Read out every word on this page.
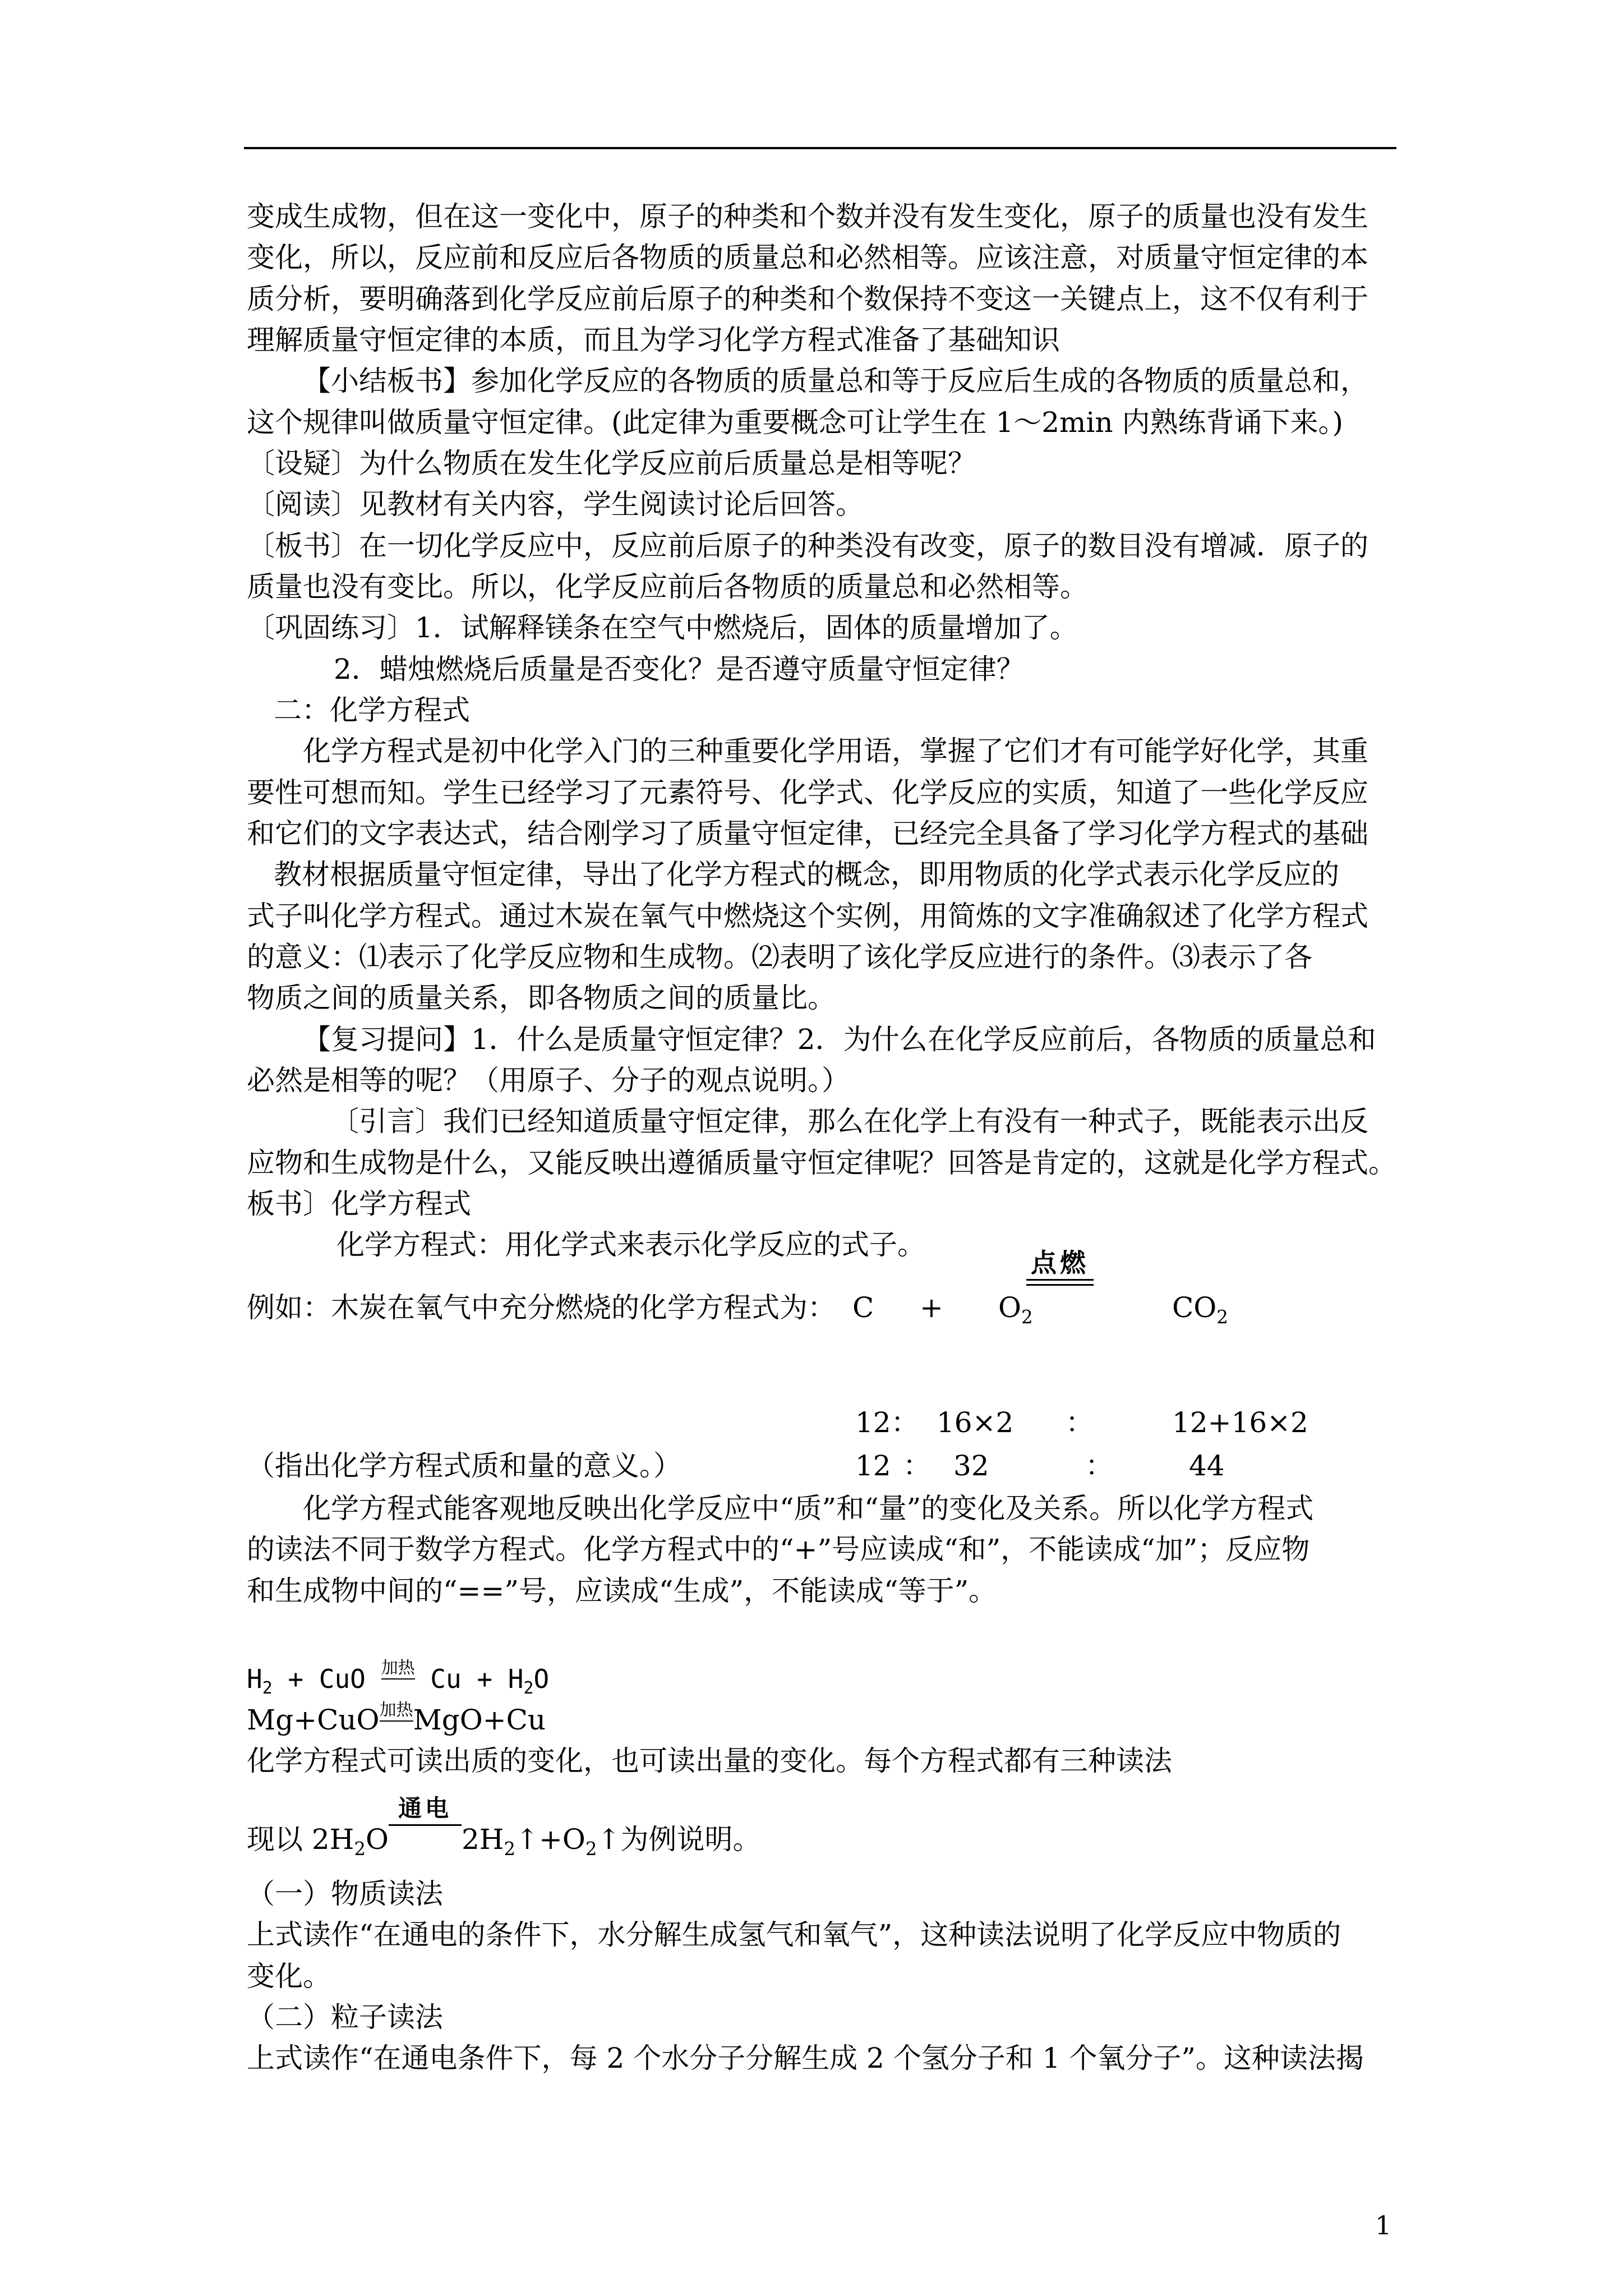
变成生成物，但在这一变化中，原子的种类和个数并没有发生变化，原子的质量也没有发生
变化，所以，反应前和反应后各物质的质量总和必然相等。应该注意，对质量守恒定律的本
质分析，要明确落到化学反应前后原子的种类和个数保持不变这一关键点上，这不仅有利于
理解质量守恒定律的本质，而且为学习化学方程式准备了基础知识
【小结板书】参加化学反应的各物质的质量总和等于反应后生成的各物质的质量总和，
这个规律叫做质量守恒定律。(此定律为重要概念可让学生在 1～2min 内熟练背诵下来。)
〔设疑〕为什么物质在发生化学反应前后质量总是相等呢？
〔阅读〕见教材有关内容，学生阅读讨论后回答。
〔板书〕在一切化学反应中，反应前后原子的种类没有改变，原子的数目没有增减．原子的
质量也没有变比。所以，化学反应前后各物质的质量总和必然相等。
〔巩固练习〕1．试解释镁条在空气中燃烧后，固体的质量增加了。
2．蜡烛燃烧后质量是否变化？是否遵守质量守恒定律？
二：化学方程式
化学方程式是初中化学入门的三种重要化学用语，掌握了它们才有可能学好化学，其重
要性可想而知。学生已经学习了元素符号、化学式、化学反应的实质，知道了一些化学反应
和它们的文字表达式，结合刚学习了质量守恒定律，已经完全具备了学习化学方程式的基础
教材根据质量守恒定律，导出了化学方程式的概念，即用物质的化学式表示化学反应的
式子叫化学方程式。通过木炭在氧气中燃烧这个实例，用简炼的文字准确叙述了化学方程式
的意义：⑴表示了化学反应物和生成物。⑵表明了该化学反应进行的条件。⑶表示了各
物质之间的质量关系，即各物质之间的质量比。
【复习提问】1．什么是质量守恒定律？2．为什么在化学反应前后，各物质的质量总和
必然是相等的呢？（用原子、分子的观点说明。）
〔引言〕我们已经知道质量守恒定律，那么在化学上有没有一种式子，既能表示出反
应物和生成物是什么，又能反映出遵循质量守恒定律呢？回答是肯定的，这就是化学方程式。
板书〕化学方程式
化学方程式：用化学式来表示化学反应的式子。
例如：木炭在氧气中充分燃烧的化学方程式为： $C + O_2$
点燃
$CO_2$
12： 16×2 ：	12+16×2
（指出化学方程式质和量的意义。）	12 ： 32	：	44
化学方程式能客观地反映出化学反应中“质”和“量”的变化及关系。所以化学方程式
的读法不同于数学方程式。化学方程式中的“+”号应读成“和”，不能读成“加”；反应物
和生成物中间的“==”号，应读成“生成”，不能读成“等于”。
$H_2$ + CuO 加热
$Cu + H_2O$
Mg+CuO加热
MgO+Cu
化学方程式可读出质的变化，也可读出量的变化。每个方程式都有三种读法
现以 $2H_2O$
通电
$2H_2↑+O_2↑$为例说明。
（一）物质读法
上式读作“在通电的条件下，水分解生成氢气和氧气”，这种读法说明了化学反应中物质的
变化。
（二）粒子读法
上式读作“在通电条件下，每 2 个水分子分解生成 2 个氢分子和 1 个氧分子”。这种读法揭
1
